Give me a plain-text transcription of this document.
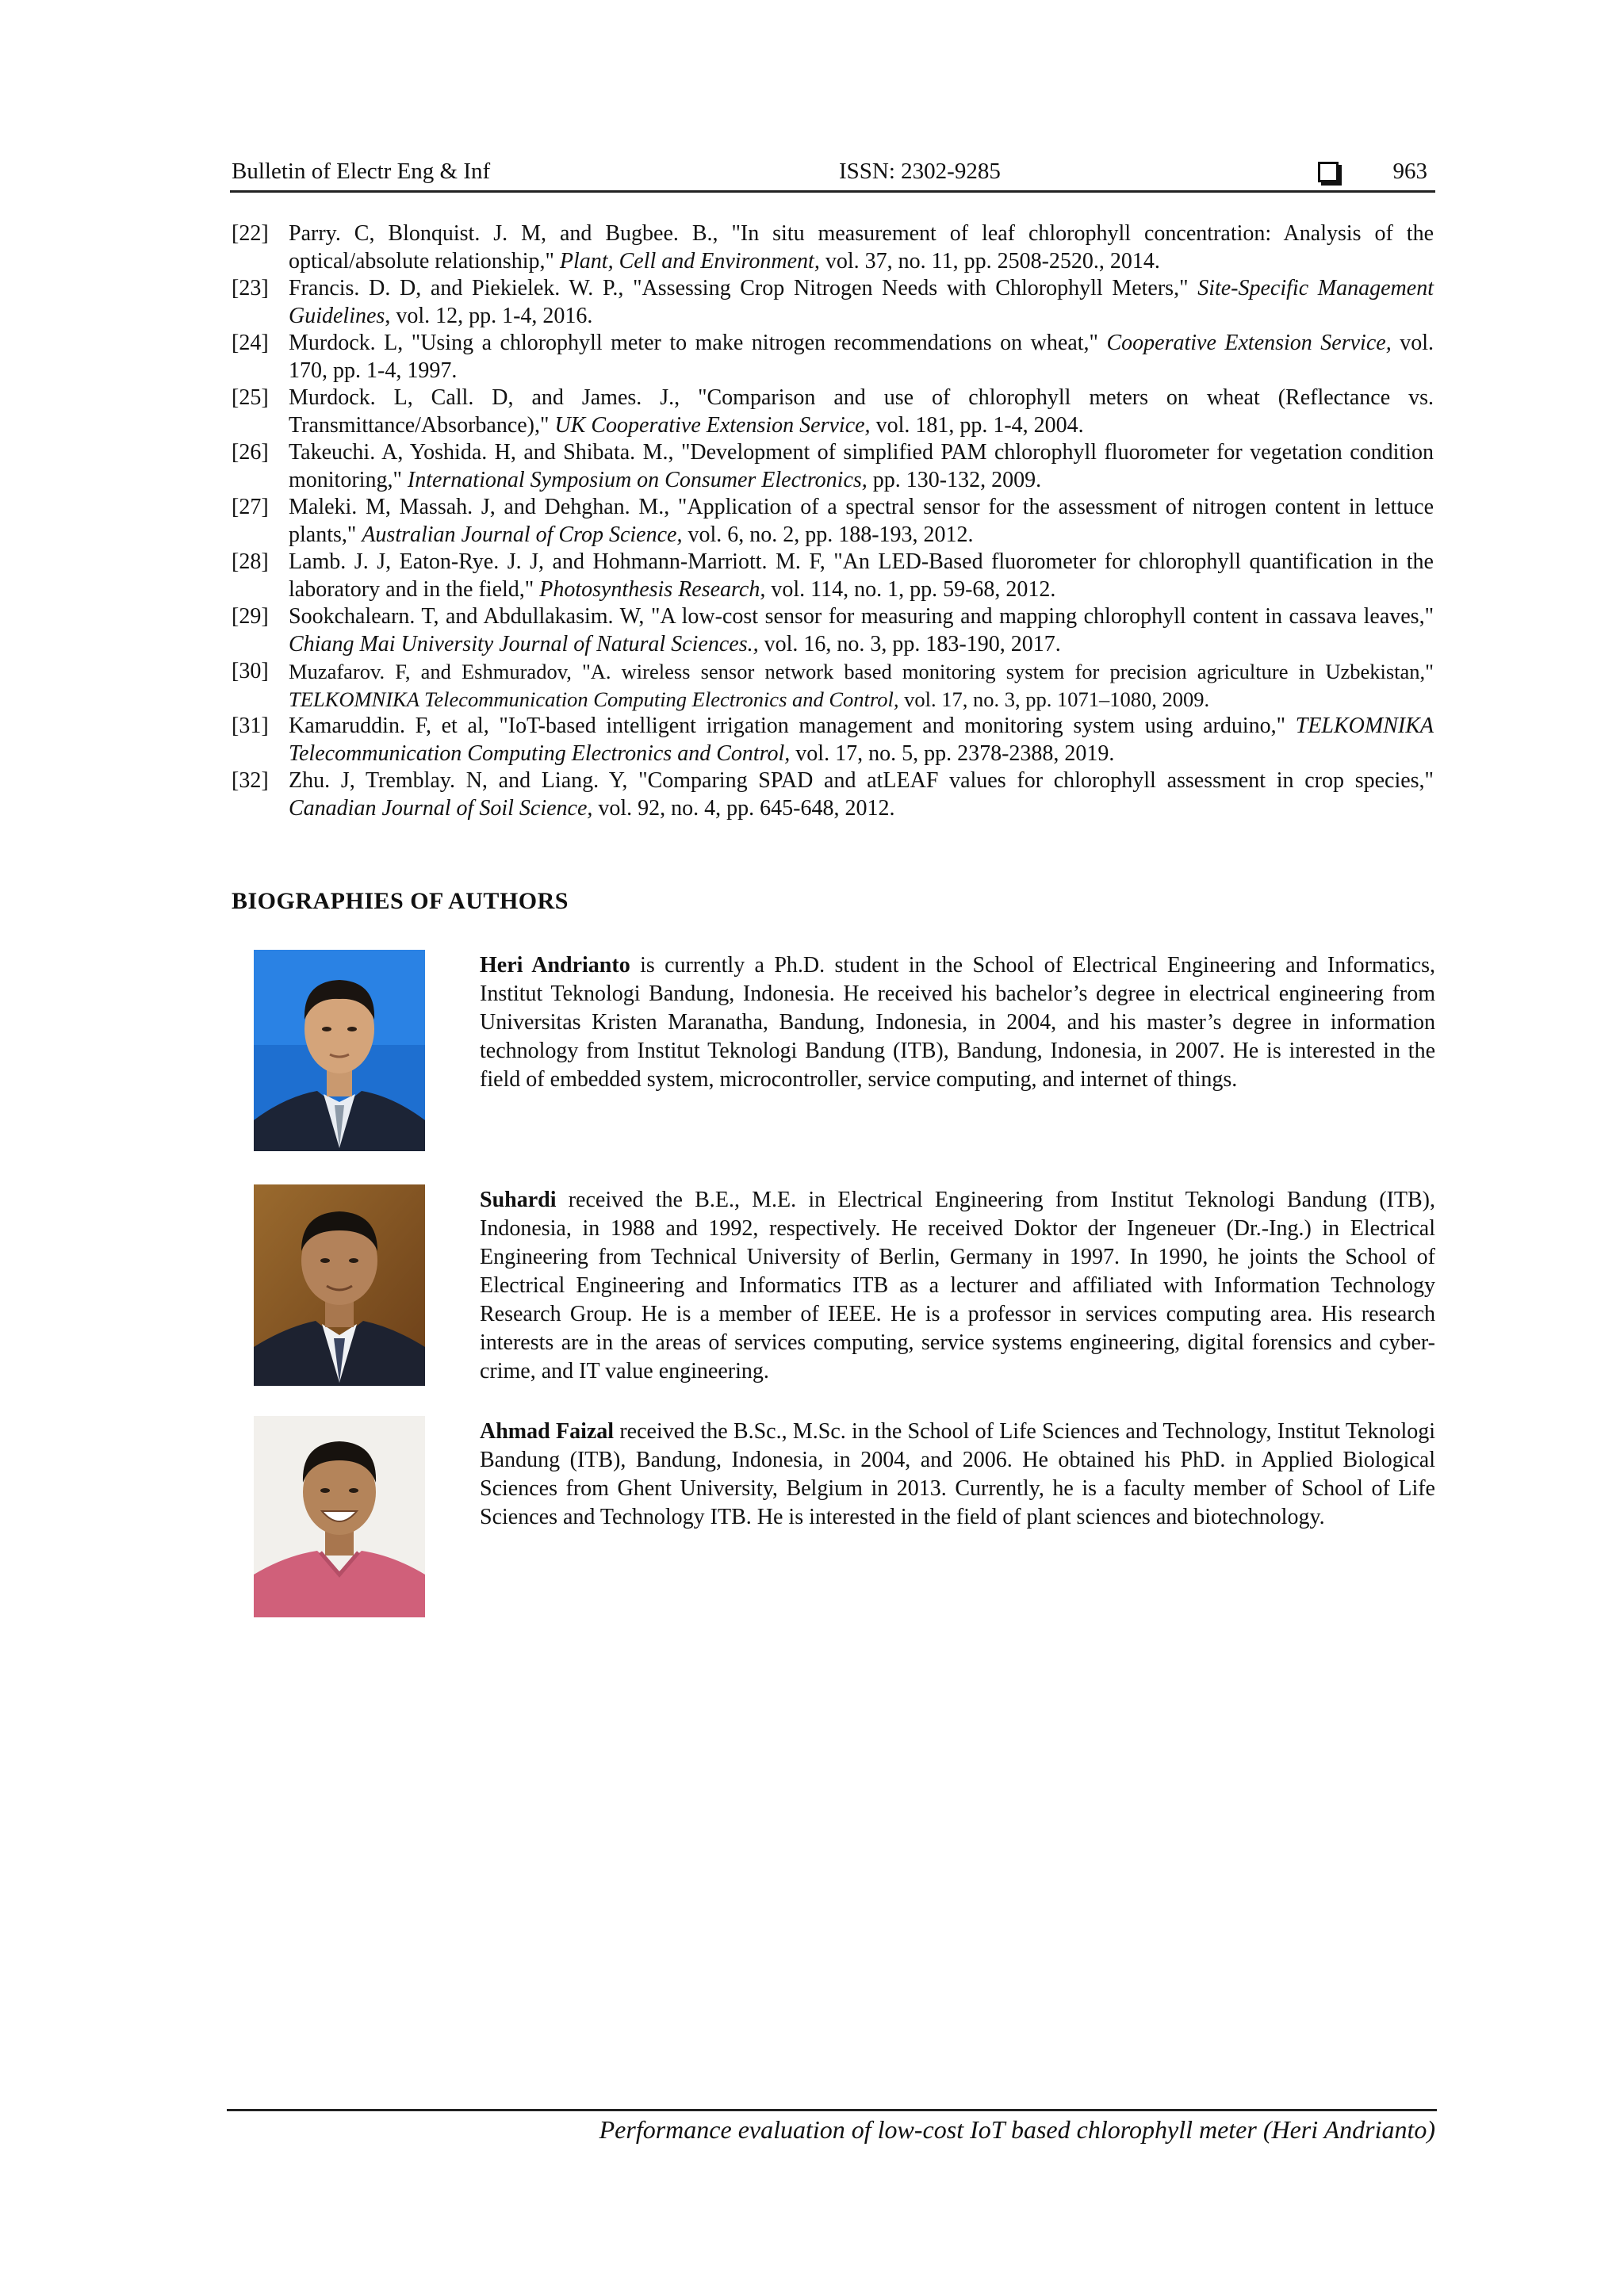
Bulletin of Electr Eng & Inf	ISSN: 2302-9285	963
[22] Parry. C, Blonquist. J. M, and Bugbee. B., "In situ measurement of leaf chlorophyll concentration: Analysis of the optical/absolute relationship," Plant, Cell and Environment, vol. 37, no. 11, pp. 2508-2520., 2014.
[23] Francis. D. D, and Piekielek. W. P., "Assessing Crop Nitrogen Needs with Chlorophyll Meters," Site-Specific Management Guidelines, vol. 12, pp. 1-4, 2016.
[24] Murdock. L, "Using a chlorophyll meter to make nitrogen recommendations on wheat," Cooperative Extension Service, vol. 170, pp. 1-4, 1997.
[25] Murdock. L, Call. D, and James. J., "Comparison and use of chlorophyll meters on wheat (Reflectance vs. Transmittance/Absorbance)," UK Cooperative Extension Service, vol. 181, pp. 1-4, 2004.
[26] Takeuchi. A, Yoshida. H, and Shibata. M., "Development of simplified PAM chlorophyll fluorometer for vegetation condition monitoring," International Symposium on Consumer Electronics, pp. 130-132, 2009.
[27] Maleki. M, Massah. J, and Dehghan. M., "Application of a spectral sensor for the assessment of nitrogen content in lettuce plants," Australian Journal of Crop Science, vol. 6, no. 2, pp. 188-193, 2012.
[28] Lamb. J. J, Eaton-Rye. J. J, and Hohmann-Marriott. M. F, "An LED-Based fluorometer for chlorophyll quantification in the laboratory and in the field," Photosynthesis Research, vol. 114, no. 1, pp. 59-68, 2012.
[29] Sookchalearn. T, and Abdullakasim. W, "A low-cost sensor for measuring and mapping chlorophyll content in cassava leaves," Chiang Mai University Journal of Natural Sciences., vol. 16, no. 3, pp. 183-190, 2017.
[30] Muzafarov. F, and Eshmuradov, "A. wireless sensor network based monitoring system for precision agriculture in Uzbekistan," TELKOMNIKA Telecommunication Computing Electronics and Control, vol. 17, no. 3, pp. 1071–1080, 2009.
[31] Kamaruddin. F, et al, "IoT-based intelligent irrigation management and monitoring system using arduino," TELKOMNIKA Telecommunication Computing Electronics and Control, vol. 17, no. 5, pp. 2378-2388, 2019.
[32] Zhu. J, Tremblay. N, and Liang. Y, "Comparing SPAD and atLEAF values for chlorophyll assessment in crop species," Canadian Journal of Soil Science, vol. 92, no. 4, pp. 645-648, 2012.
BIOGRAPHIES OF AUTHORS
Heri Andrianto is currently a Ph.D. student in the School of Electrical Engineering and Informatics, Institut Teknologi Bandung, Indonesia. He received his bachelor’s degree in electrical engineering from Universitas Kristen Maranatha, Bandung, Indonesia, in 2004, and his master’s degree in information technology from Institut Teknologi Bandung (ITB), Bandung, Indonesia, in 2007. He is interested in the field of embedded system, microcontroller, service computing, and internet of things.
Suhardi received the B.E., M.E. in Electrical Engineering from Institut Teknologi Bandung (ITB), Indonesia, in 1988 and 1992, respectively. He received Doktor der Ingeneuer (Dr.-Ing.) in Electrical Engineering from Technical University of Berlin, Germany in 1997. In 1990, he joints the School of Electrical Engineering and Informatics ITB as a lecturer and affiliated with Information Technology Research Group. He is a member of IEEE. He is a professor in services computing area. His research interests are in the areas of services computing, service systems engineering, digital forensics and cyber-crime, and IT value engineering.
Ahmad Faizal received the B.Sc., M.Sc. in the School of Life Sciences and Technology, Institut Teknologi Bandung (ITB), Bandung, Indonesia, in 2004, and 2006. He obtained his PhD. in Applied Biological Sciences from Ghent University, Belgium in 2013. Currently, he is a faculty member of School of Life Sciences and Technology ITB. He is interested in the field of plant sciences and biotechnology.
Performance evaluation of low-cost IoT based chlorophyll meter (Heri Andrianto)
